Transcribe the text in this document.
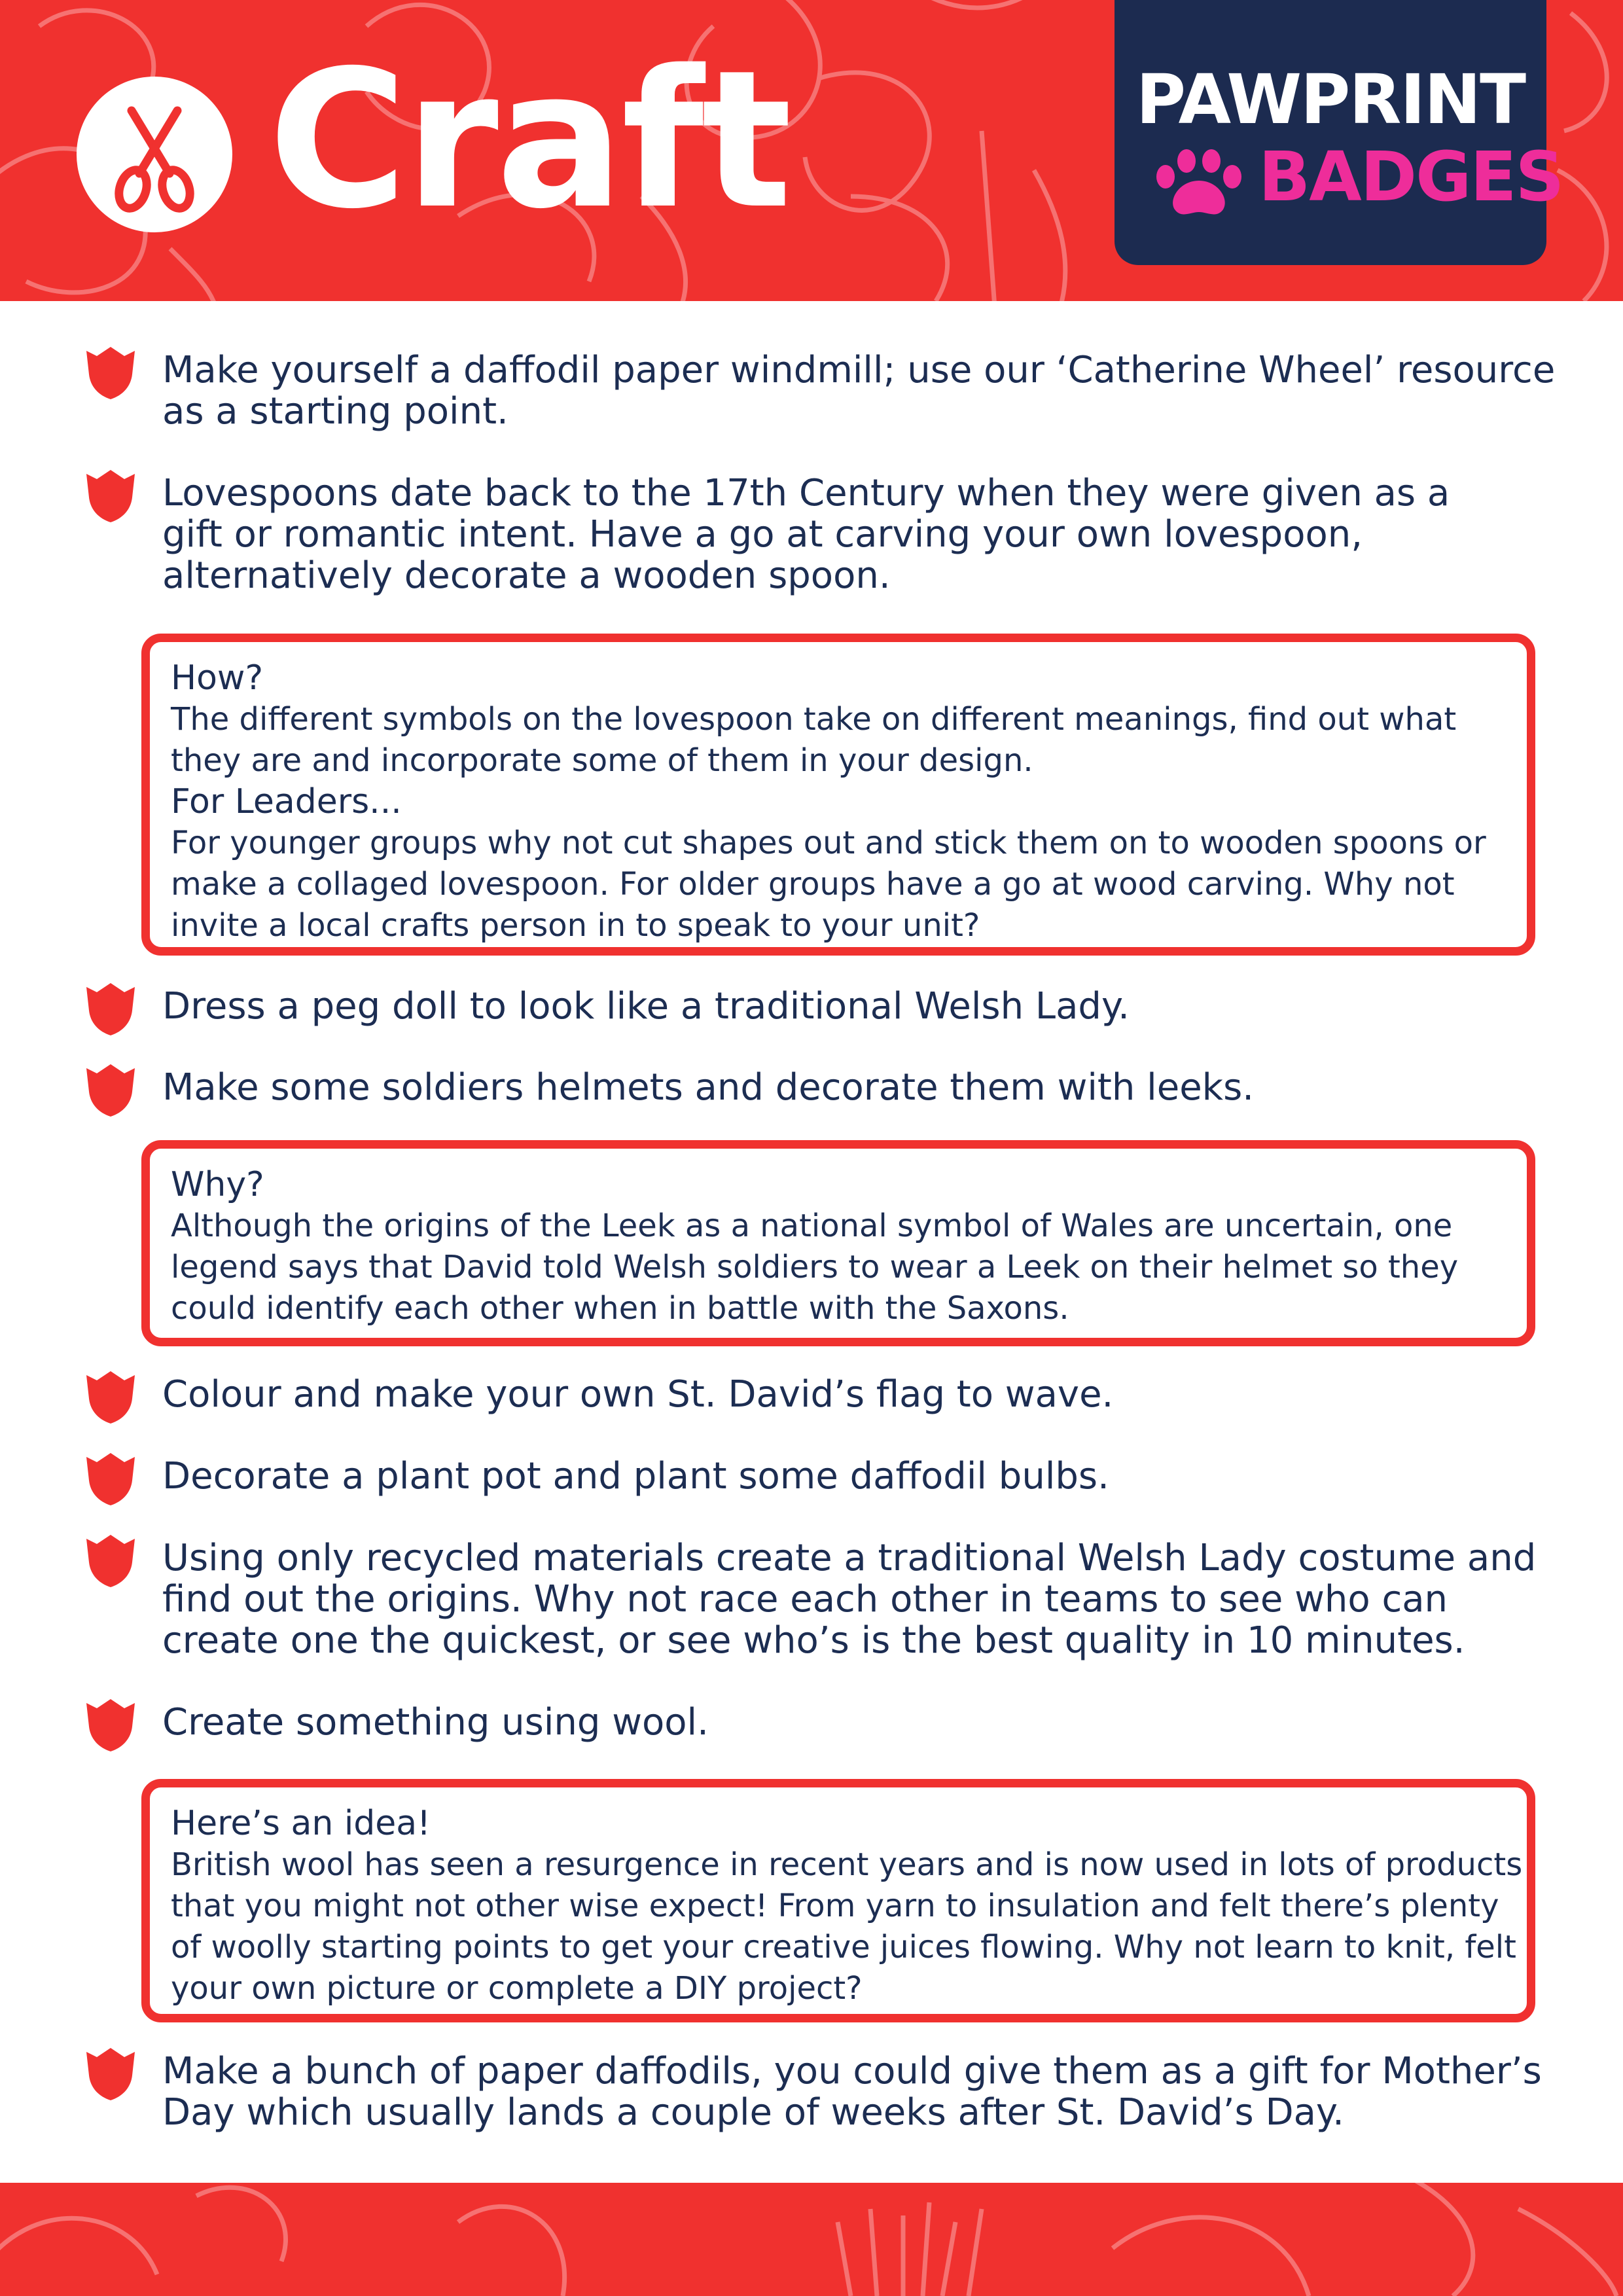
Craft	PAWPRINT
BADGES
Make yourself a daffodil paper windmill; use our ‘Catherine Wheel’ resource as a starting point.
Lovespoons date back to the 17th Century when they were given as a gift or romantic intent. Have a go at carving your own lovespoon, alternatively decorate a wooden spoon.
How?
The different symbols on the lovespoon take on different meanings, find out what they are and incorporate some of them in your design.
For Leaders...
For younger groups why not cut shapes out and stick them on to wooden spoons or make a collaged lovespoon. For older groups have a go at wood carving. Why not invite a local crafts person in to speak to your unit?
Dress a peg doll to look like a traditional Welsh Lady.
Make some soldiers helmets and decorate them with leeks.
Why?
Although the origins of the Leek as a national symbol of Wales are uncertain, one legend says that David told Welsh soldiers to wear a Leek on their helmet so they could identify each other when in battle with the Saxons.
Colour and make your own St. David’s flag to wave.
Decorate a plant pot and plant some daffodil bulbs.
Using only recycled materials create a traditional Welsh Lady costume and find out the origins. Why not race each other in teams to see who can create one the quickest, or see who’s is the best quality in 10 minutes.
Create something using wool.
Here’s an idea!
British wool has seen a resurgence in recent years and is now used in lots of products that you might not other wise expect! From yarn to insulation and felt there’s plenty of woolly starting points to get your creative juices flowing. Why not learn to knit, felt your own picture or complete a DIY project?
Make a bunch of paper daffodils, you could give them as a gift for Mother’s Day which usually lands a couple of weeks after St. David’s Day.
